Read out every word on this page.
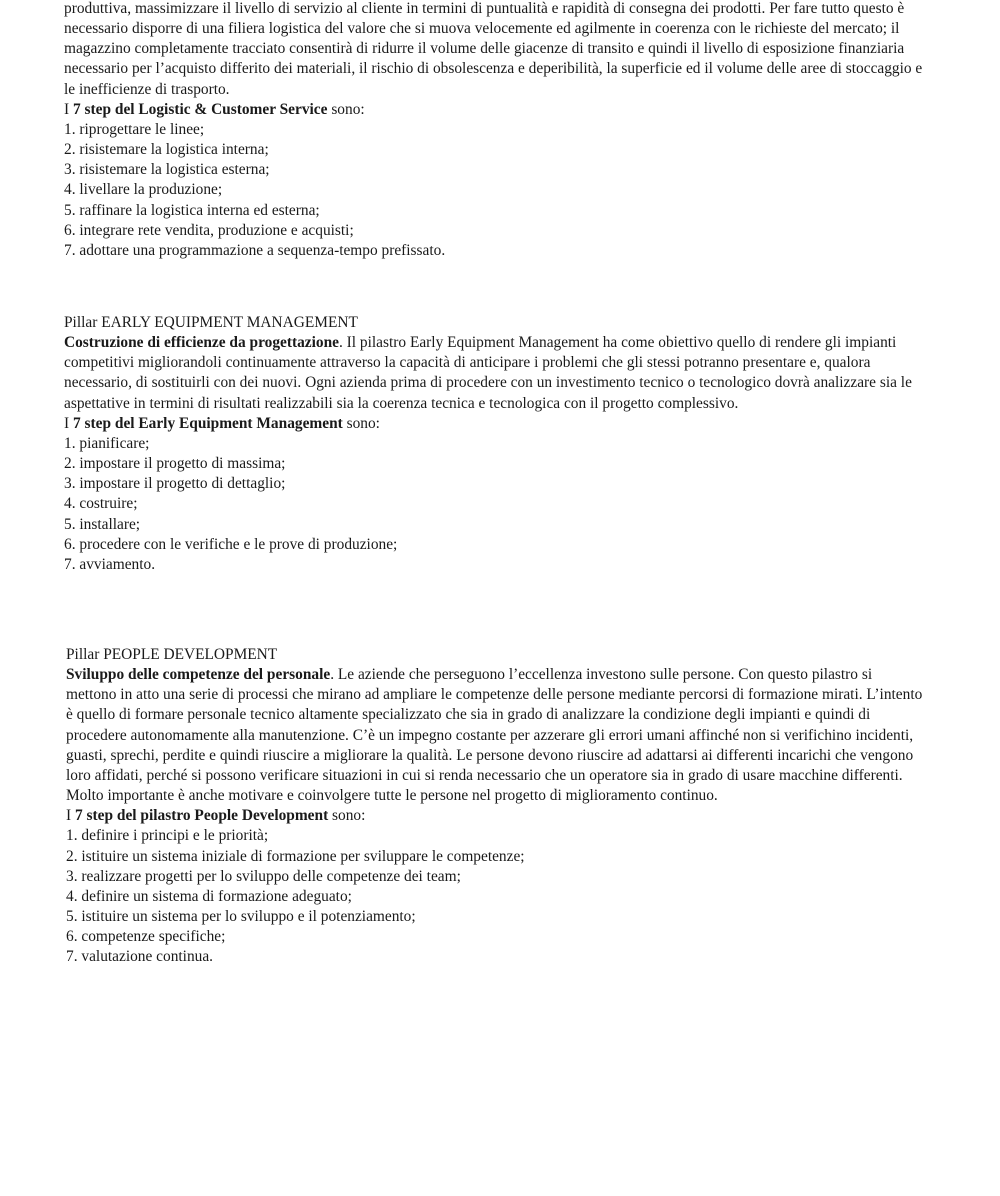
produttiva, massimizzare il livello di servizio al cliente in termini di puntualità e rapidità di consegna dei prodotti. Per fare tutto questo è necessario disporre di una filiera logistica del valore che si muova velocemente ed agilmente in coerenza con le richieste del mercato; il magazzino completamente tracciato consentirà di ridurre il volume delle giacenze di transito e quindi il livello di esposizione finanziaria necessario per l’acquisto differito dei materiali, il rischio di obsolescenza e deperibilità, la superficie ed il volume delle aree di stoccaggio e le inefficienze di trasporto.

I 7 step del Logistic & Customer Service sono:

1. riprogettare le linee;

2. risistemare la logistica interna;

3. risistemare la logistica esterna;

4. livellare la produzione;

5. raffinare la logistica interna ed esterna;

6. integrare rete vendita, produzione e acquisti;

7. adottare una programmazione a sequenza-tempo prefissato.

Pillar EARLY EQUIPMENT MANAGEMENT

Costruzione di efficienze da progettazione. Il pilastro Early Equipment Management ha come obiettivo quello di rendere gli impianti competitivi migliorandoli continuamente attraverso la capacità di anticipare i problemi che gli stessi potranno presentare e, qualora necessario, di sostituirli con dei nuovi. Ogni azienda prima di procedere con un investimento tecnico o tecnologico dovrà analizzare sia le aspettative in termini di risultati realizzabili sia la coerenza tecnica e tecnologica con il progetto complessivo.

I 7 step del Early Equipment Management sono:

1. pianificare;

2. impostare il progetto di massima;

3. impostare il progetto di dettaglio;

4. costruire;

5. installare;

6. procedere con le verifiche e le prove di produzione;

7. avviamento.

Pillar PEOPLE DEVELOPMENT

Sviluppo delle competenze del personale. Le aziende che perseguono l’eccellenza investono sulle persone. Con questo pilastro si mettono in atto una serie di processi che mirano ad ampliare le competenze delle persone mediante percorsi di formazione mirati. L’intento è quello di formare personale tecnico altamente specializzato che sia in grado di analizzare la condizione degli impianti e quindi di procedere autonomamente alla manutenzione. C’è un impegno costante per azzerare gli errori umani affinché non si verifichino incidenti, guasti, sprechi, perdite e quindi riuscire a migliorare la qualità. Le persone devono riuscire ad adattarsi ai differenti incarichi che vengono loro affidati, perché si possono verificare situazioni in cui si renda necessario che un operatore sia in grado di usare macchine differenti. Molto importante è anche motivare e coinvolgere tutte le persone nel progetto di miglioramento continuo.

I 7 step del pilastro People Development sono:

1. definire i principi e le priorità;

2. istituire un sistema iniziale di formazione per sviluppare le competenze;

3. realizzare progetti per lo sviluppo delle competenze dei team;

4. definire un sistema di formazione adeguato;

5. istituire un sistema per lo sviluppo e il potenziamento;

6. competenze specifiche;

7. valutazione continua.
